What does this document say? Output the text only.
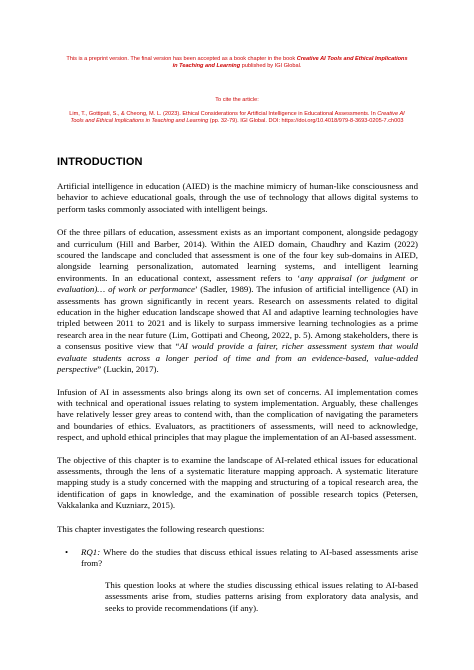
This is a preprint version. The final version has been accepted as a book chapter in the book Creative AI Tools and Ethical Implications in Teaching and Learning published by IGI Global.
To cite the article:
Lim, T., Gottipati, S., & Cheong, M. L. (2023). Ethical Considerations for Artificial Intelligence in Educational Assessments. In Creative AI Tools and Ethical Implications in Teaching and Learning (pp. 32-79). IGI Global. DOI: https://doi.org/10.4018/979-8-3693-0205-7.ch003
INTRODUCTION

Artificial intelligence in education (AIED) is the machine mimicry of human-like consciousness and behavior to achieve educational goals, through the use of technology that allows digital systems to perform tasks commonly associated with intelligent beings.

Of the three pillars of education, assessment exists as an important component, alongside pedagogy and curriculum (Hill and Barber, 2014). Within the AIED domain, Chaudhry and Kazim (2022) scoured the landscape and concluded that assessment is one of the four key sub-domains in AIED, alongside learning personalization, automated learning systems, and intelligent learning environments. In an educational context, assessment refers to ‘any appraisal (or judgment or evaluation)… of work or performance’ (Sadler, 1989). The infusion of artificial intelligence (AI) in assessments has grown significantly in recent years. Research on assessments related to digital education in the higher education landscape showed that AI and adaptive learning technologies have tripled between 2011 to 2021 and is likely to surpass immersive learning technologies as a prime research area in the near future (Lim, Gottipati and Cheong, 2022, p. 5). Among stakeholders, there is a consensus positive view that “AI would provide a fairer, richer assessment system that would evaluate students across a longer period of time and from an evidence-based, value-added perspective” (Luckin, 2017).

Infusion of AI in assessments also brings along its own set of concerns. AI implementation comes with technical and operational issues relating to system implementation. Arguably, these challenges have relatively lesser grey areas to contend with, than the complication of navigating the parameters and boundaries of ethics. Evaluators, as practitioners of assessments, will need to acknowledge, respect, and uphold ethical principles that may plague the implementation of an AI-based assessment.

The objective of this chapter is to examine the landscape of AI-related ethical issues for educational assessments, through the lens of a systematic literature mapping approach. A systematic literature mapping study is a study concerned with the mapping and structuring of a topical research area, the identification of gaps in knowledge, and the examination of possible research topics (Petersen, Vakkalanka and Kuzniarz, 2015).

This chapter investigates the following research questions:

• RQ1: Where do the studies that discuss ethical issues relating to AI-based assessments arise from?
This question looks at where the studies discussing ethical issues relating to AI-based assessments arise from, studies patterns arising from exploratory data analysis, and seeks to provide recommendations (if any).
